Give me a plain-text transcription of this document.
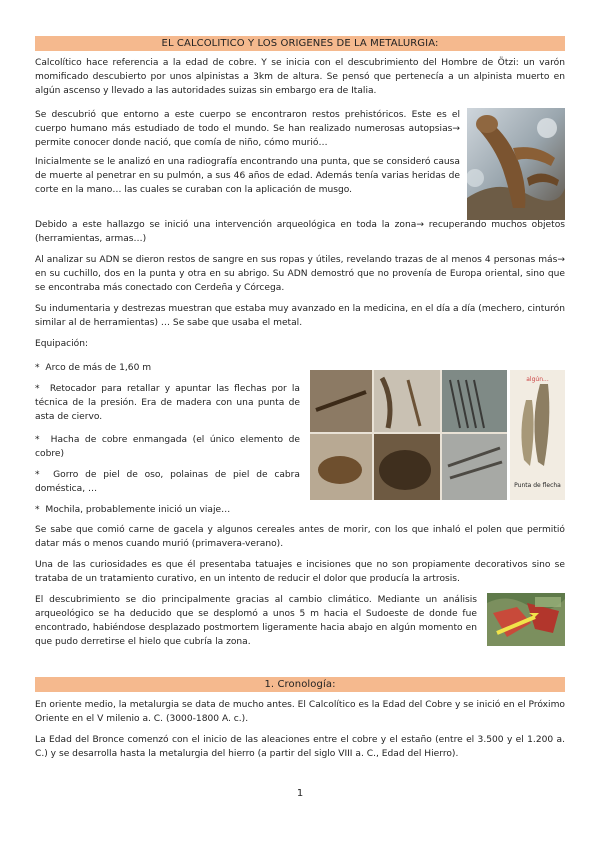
EL CALCOLITICO Y LOS ORIGENES DE LA METALURGIA:

Calcolítico hace referencia a la edad de cobre. Y se inicia con el descubrimiento del Hombre de Ötzi: un varón momificado descubierto por unos alpinistas a 3km de altura. Se pensó que pertenecía a un alpinista muerto en algún ascenso y llevado a las autoridades suizas sin embargo era de Italia.

Se descubrió que entorno a este cuerpo se encontraron restos prehistóricos. Este es el cuerpo humano más estudiado de todo el mundo. Se han realizado numerosas autopsias→ permite conocer donde nació, que comía de niño, cómo murió…

Inicialmente se le analizó en una radiografía encontrando una punta, que se consideró causa de muerte al penetrar en su pulmón, a sus 46 años de edad. Además tenía varias heridas de corte en la mano… las cuales se curaban con la aplicación de musgo.

Debido a este hallazgo se inició una intervención arqueológica en toda la zona→ recuperando muchos objetos (herramientas, armas…)

Al analizar su ADN se dieron restos de sangre en sus ropas y útiles, revelando trazas de al menos 4 personas más→ en su cuchillo, dos en la punta y otra en su abrigo. Su ADN demostró que no provenía de Europa oriental, sino que se encontraba más conectado con Cerdeña y Córcega.

Su indumentaria y destrezas muestran que estaba muy avanzado en la medicina, en el día a día (mechero, cinturón similar al de herramientas) … Se sabe que usaba el metal.

Equipación:

* Arco de más de 1,60 m
* Retocador para retallar y apuntar las flechas por la técnica de la presión. Era de madera con una punta de asta de ciervo.
* Hacha de cobre enmangada (el único elemento de cobre)
* Gorro de piel de oso, polainas de piel de cabra doméstica, …
* Mochila, probablemente inició un viaje…
algún...
Punta de flecha

Se sabe que comió carne de gacela y algunos cereales antes de morir, con los que inhaló el polen que permitió datar más o menos cuando murió (primavera-verano).

Una de las curiosidades es que él presentaba tatuajes e incisiones que no son propiamente decorativos sino se trataba de un tratamiento curativo, en un intento de reducir el dolor que producía la artrosis.

El descubrimiento se dio principalmente gracias al cambio climático. Mediante un análisis arqueológico se ha deducido que se desplomó a unos 5 m hacia el Sudoeste de donde fue encontrado, habiéndose desplazado postmortem ligeramente hacia abajo en algún momento en que pudo derretirse el hielo que cubría la zona.

1. Cronología:

En oriente medio, la metalurgia se data de mucho antes. El Calcolítico es la Edad del Cobre y se inició en el Próximo Oriente en el V milenio a. C. (3000-1800 A. c.).

La Edad del Bronce comenzó con el inicio de las aleaciones entre el cobre y el estaño (entre el 3.500 y el 1.200 a. C.) y se desarrolla hasta la metalurgia del hierro (a partir del siglo VIII a. C., Edad del Hierro).

1
